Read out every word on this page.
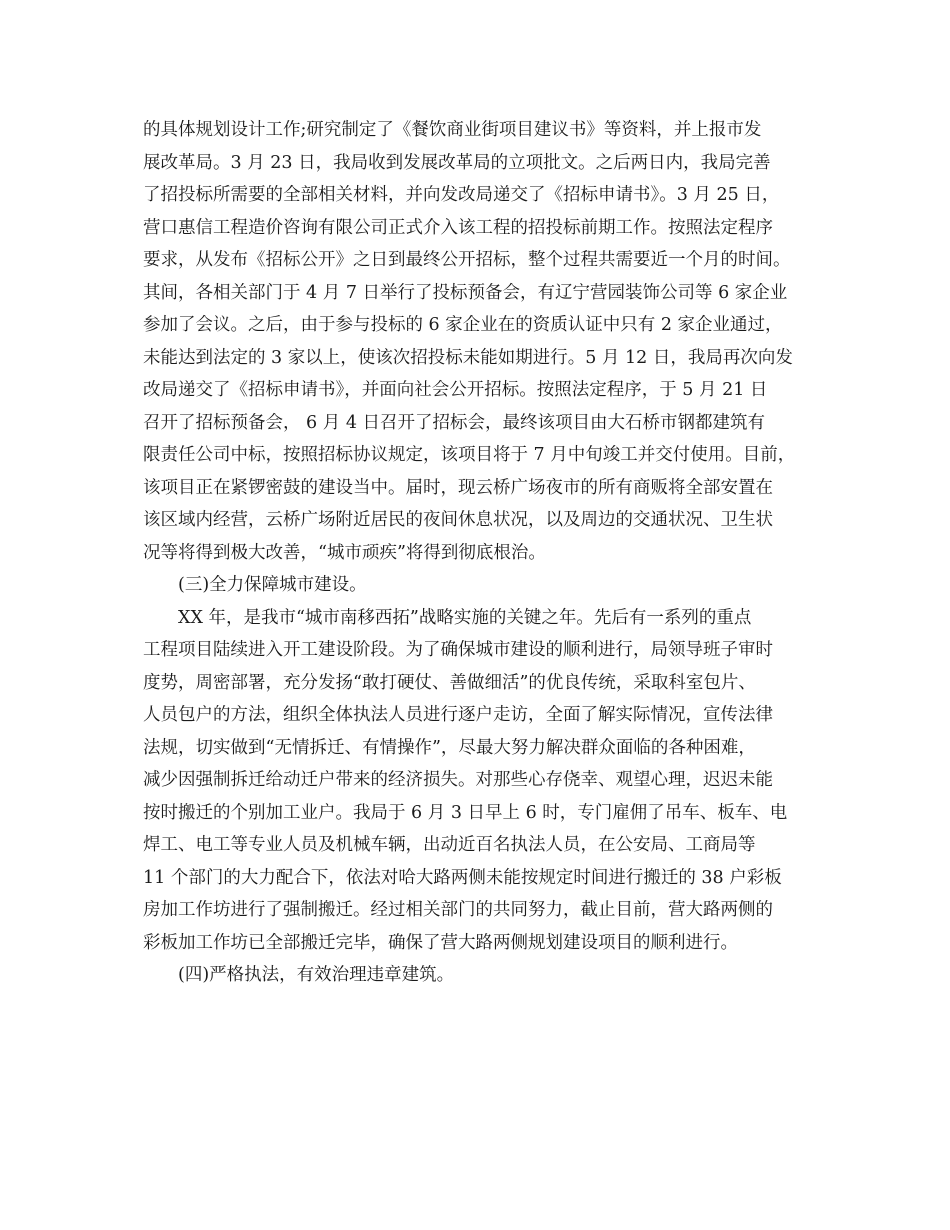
的具体规划设计工作;研究制定了《餐饮商业街项目建议书》等资料，并上报市发
展改革局。3 月 23 日，我局收到发展改革局的立项批文。之后两日内，我局完善
了招投标所需要的全部相关材料，并向发改局递交了《招标申请书》。3 月 25 日，
营口惠信工程造价咨询有限公司正式介入该工程的招投标前期工作。按照法定程序
要求，从发布《招标公开》之日到最终公开招标，整个过程共需要近一个月的时间。
其间，各相关部门于 4 月 7 日举行了投标预备会，有辽宁营园装饰公司等 6 家企业
参加了会议。之后，由于参与投标的 6 家企业在的资质认证中只有 2 家企业通过，
未能达到法定的 3 家以上，使该次招投标未能如期进行。5 月 12 日，我局再次向发
改局递交了《招标申请书》，并面向社会公开招标。按照法定程序，于 5 月 21 日
召开了招标预备会， 6 月 4 日召开了招标会，最终该项目由大石桥市钢都建筑有
限责任公司中标，按照招标协议规定，该项目将于 7 月中旬竣工并交付使用。目前，
该项目正在紧锣密鼓的建设当中。届时，现云桥广场夜市的所有商贩将全部安置在
该区域内经营，云桥广场附近居民的夜间休息状况，以及周边的交通状况、卫生状
况等将得到极大改善，“城市顽疾”将得到彻底根治。
(三)全力保障城市建设。
XX 年，是我市“城市南移西拓”战略实施的关键之年。先后有一系列的重点
工程项目陆续进入开工建设阶段。为了确保城市建设的顺利进行，局领导班子审时
度势，周密部署，充分发扬“敢打硬仗、善做细活”的优良传统，采取科室包片、
人员包户的方法，组织全体执法人员进行逐户走访，全面了解实际情况，宣传法律
法规，切实做到“无情拆迁、有情操作”，尽最大努力解决群众面临的各种困难，
减少因强制拆迁给动迁户带来的经济损失。对那些心存侥幸、观望心理，迟迟未能
按时搬迁的个别加工业户。我局于 6 月 3 日早上 6 时，专门雇佣了吊车、板车、电
焊工、电工等专业人员及机械车辆，出动近百名执法人员，在公安局、工商局等
11 个部门的大力配合下，依法对哈大路两侧未能按规定时间进行搬迁的 38 户彩板
房加工作坊进行了强制搬迁。经过相关部门的共同努力，截止目前，营大路两侧的
彩板加工作坊已全部搬迁完毕，确保了营大路两侧规划建设项目的顺利进行。
(四)严格执法，有效治理违章建筑。
